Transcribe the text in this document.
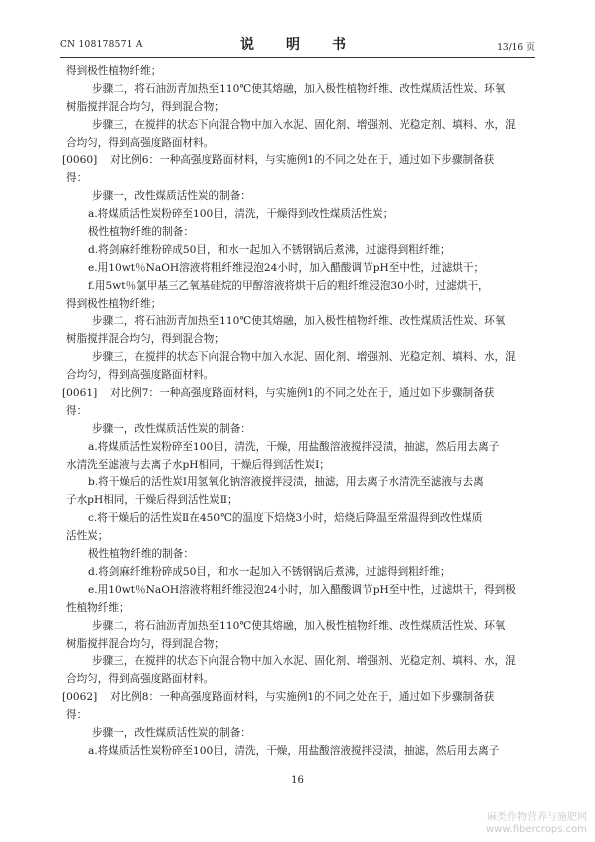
CN 108178571 A	说　明　书	13/16 页
得到极性植物纤维；
步骤二，将石油沥青加热至110℃使其熔融，加入极性植物纤维、改性煤质活性炭、环氧
树脂搅拌混合均匀，得到混合物；
步骤三，在搅拌的状态下向混合物中加入水泥、固化剂、增强剂、光稳定剂、填料、水，混
合均匀，得到高强度路面材料。
[0060] 对比例6：一种高强度路面材料，与实施例1的不同之处在于，通过如下步骤制备获
得：
步骤一，改性煤质活性炭的制备：
a.将煤质活性炭粉碎至100目，清洗，干燥得到改性煤质活性炭；
极性植物纤维的制备：
d.将剑麻纤维粉碎成50目，和水一起加入不锈钢锅后煮沸，过滤得到粗纤维；
e.用10wt％NaOH溶液将粗纤维浸泡24小时，加入醋酸调节pH至中性，过滤烘干；
f.用5wt％氯甲基三乙氧基硅烷的甲醇溶液将烘干后的粗纤维浸泡30小时，过滤烘干，
得到极性植物纤维；
步骤二，将石油沥青加热至110℃使其熔融，加入极性植物纤维、改性煤质活性炭、环氧
树脂搅拌混合均匀，得到混合物；
步骤三，在搅拌的状态下向混合物中加入水泥、固化剂、增强剂、光稳定剂、填料、水，混
合均匀，得到高强度路面材料。
[0061] 对比例7：一种高强度路面材料，与实施例1的不同之处在于，通过如下步骤制备获
得：
步骤一，改性煤质活性炭的制备：
a.将煤质活性炭粉碎至100目，清洗，干燥，用盐酸溶液搅拌浸渍，抽滤，然后用去离子
水清洗至滤液与去离子水pH相同，干燥后得到活性炭Ⅰ；
b.将干燥后的活性炭Ⅰ用氢氧化钠溶液搅拌浸渍，抽滤，用去离子水清洗至滤液与去离
子水pH相同，干燥后得到活性炭Ⅱ；
c.将干燥后的活性炭Ⅱ在450℃的温度下焙烧3小时，焙烧后降温至常温得到改性煤质
活性炭；
极性植物纤维的制备：
d.将剑麻纤维粉碎成50目，和水一起加入不锈钢锅后煮沸，过滤得到粗纤维；
e.用10wt％NaOH溶液将粗纤维浸泡24小时，加入醋酸调节pH至中性，过滤烘干，得到极
性植物纤维；
步骤二，将石油沥青加热至110℃使其熔融，加入极性植物纤维、改性煤质活性炭、环氧
树脂搅拌混合均匀，得到混合物；
步骤三，在搅拌的状态下向混合物中加入水泥、固化剂、增强剂、光稳定剂、填料、水，混
合均匀，得到高强度路面材料。
[0062] 对比例8：一种高强度路面材料，与实施例1的不同之处在于，通过如下步骤制备获
得：
步骤一，改性煤质活性炭的制备：
a.将煤质活性炭粉碎至100目，清洗，干燥，用盐酸溶液搅拌浸渍，抽滤，然后用去离子
16
麻类作物营养与施肥网
www.fibercrops.com
